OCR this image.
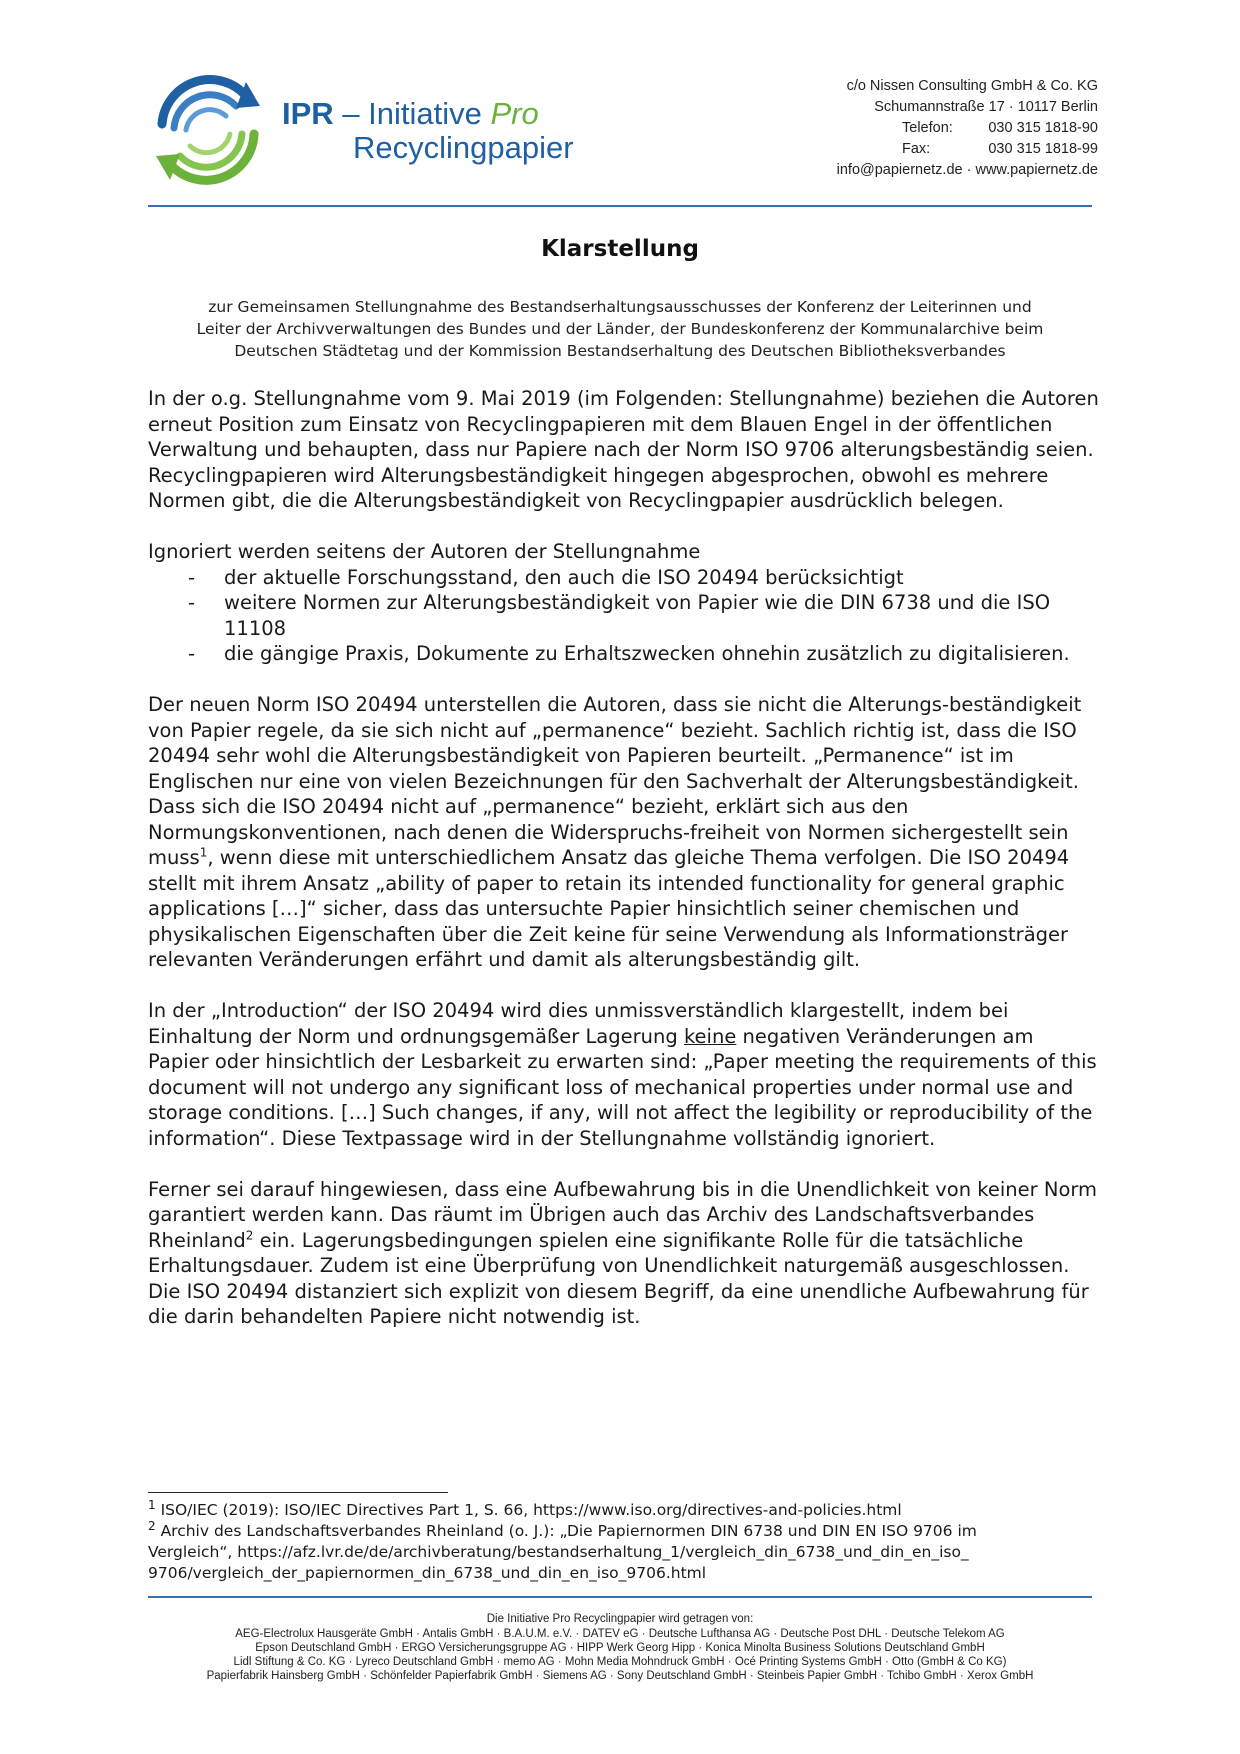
IPR – Initiative Pro
Recyclingpapier
c/o Nissen Consulting GmbH & Co. KG
Schumannstraße 17 · 10117 Berlin
Telefon: 030 315 1818-90
Fax:	030 315 1818-99
info@papiernetz.de · www.papiernetz.de
Klarstellung
zur Gemeinsamen Stellungnahme des Bestandserhaltungsausschusses der Konferenz der Leiterinnen und
Leiter der Archivverwaltungen des Bundes und der Länder, der Bundeskonferenz der Kommunalarchive beim
Deutschen Städtetag und der Kommission Bestandserhaltung des Deutschen Bibliotheksverbandes

In der o.g. Stellungnahme vom 9. Mai 2019 (im Folgenden: Stellungnahme) beziehen die Autoren erneut Position zum Einsatz von Recyclingpapieren mit dem Blauen Engel in der öffentlichen Verwaltung und behaupten, dass nur Papiere nach der Norm ISO 9706 alterungsbeständig seien. Recyclingpapieren wird Alterungsbeständigkeit hingegen abgesprochen, obwohl es mehrere Normen gibt, die die Alterungsbeständigkeit von Recyclingpapier ausdrücklich belegen.

Ignoriert werden seitens der Autoren der Stellungnahme

- der aktuelle Forschungsstand, den auch die ISO 20494 berücksichtigt
- weitere Normen zur Alterungsbeständigkeit von Papier wie die DIN 6738 und die ISO 11108
- die gängige Praxis, Dokumente zu Erhaltszwecken ohnehin zusätzlich zu digitalisieren.

Der neuen Norm ISO 20494 unterstellen die Autoren, dass sie nicht die Alterungs-beständigkeit von Papier regele, da sie sich nicht auf „permanence“ bezieht. Sachlich richtig ist, dass die ISO 20494 sehr wohl die Alterungsbeständigkeit von Papieren beurteilt. „Permanence“ ist im Englischen nur eine von vielen Bezeichnungen für den Sachverhalt der Alterungsbeständigkeit. Dass sich die ISO 20494 nicht auf „permanence“ bezieht, erklärt sich aus den Normungskonventionen, nach denen die Widerspruchs-freiheit von Normen sichergestellt sein muss$^1$, wenn diese mit unterschiedlichem Ansatz das gleiche Thema verfolgen. Die ISO 20494 stellt mit ihrem Ansatz „ability of paper to retain its intended functionality for general graphic applications […]“ sicher, dass das untersuchte Papier hinsichtlich seiner chemischen und physikalischen Eigenschaften über die Zeit keine für seine Verwendung als Informationsträger relevanten Veränderungen erfährt und damit als alterungsbeständig gilt.

In der „Introduction“ der ISO 20494 wird dies unmissverständlich klargestellt, indem bei Einhaltung der Norm und ordnungsgemäßer Lagerung keine negativen Veränderungen am Papier oder hinsichtlich der Lesbarkeit zu erwarten sind: „Paper meeting the requirements of this document will not undergo any significant loss of mechanical properties under normal use and storage conditions. […] Such changes, if any, will not affect the legibility or reproducibility of the information“. Diese Textpassage wird in der Stellungnahme vollständig ignoriert.

Ferner sei darauf hingewiesen, dass eine Aufbewahrung bis in die Unendlichkeit von keiner Norm garantiert werden kann. Das räumt im Übrigen auch das Archiv des Landschaftsverbandes Rheinland$^2$ ein. Lagerungsbedingungen spielen eine signifikante Rolle für die tatsächliche Erhaltungsdauer. Zudem ist eine Überprüfung von Unendlichkeit naturgemäß ausgeschlossen. Die ISO 20494 distanziert sich explizit von diesem Begriff, da eine unendliche Aufbewahrung für die darin behandelten Papiere nicht notwendig ist.

$^1$ ISO/IEC (2019): ISO/IEC Directives Part 1, S. 66, https://www.iso.org/directives-and-policies.html
$^2$ Archiv des Landschaftsverbandes Rheinland (o. J.): „Die Papiernormen DIN 6738 und DIN EN ISO 9706 im
Vergleich“, https://afz.lvr.de/de/archivberatung/bestandserhaltung_1/vergleich_din_6738_und_din_en_iso_
9706/vergleich_der_papiernormen_din_6738_und_din_en_iso_9706.html
Die Initiative Pro Recyclingpapier wird getragen von:
AEG-Electrolux Hausgeräte GmbH · Antalis GmbH · B.A.U.M. e.V. · DATEV eG · Deutsche Lufthansa AG · Deutsche Post DHL · Deutsche Telekom AG
Epson Deutschland GmbH · ERGO Versicherungsgruppe AG · HIPP Werk Georg Hipp · Konica Minolta Business Solutions Deutschland GmbH
Lidl Stiftung & Co. KG · Lyreco Deutschland GmbH · memo AG · Mohn Media Mohndruck GmbH · Océ Printing Systems GmbH · Otto (GmbH & Co KG)
Papierfabrik Hainsberg GmbH · Schönfelder Papierfabrik GmbH · Siemens AG · Sony Deutschland GmbH · Steinbeis Papier GmbH · Tchibo GmbH · Xerox GmbH
